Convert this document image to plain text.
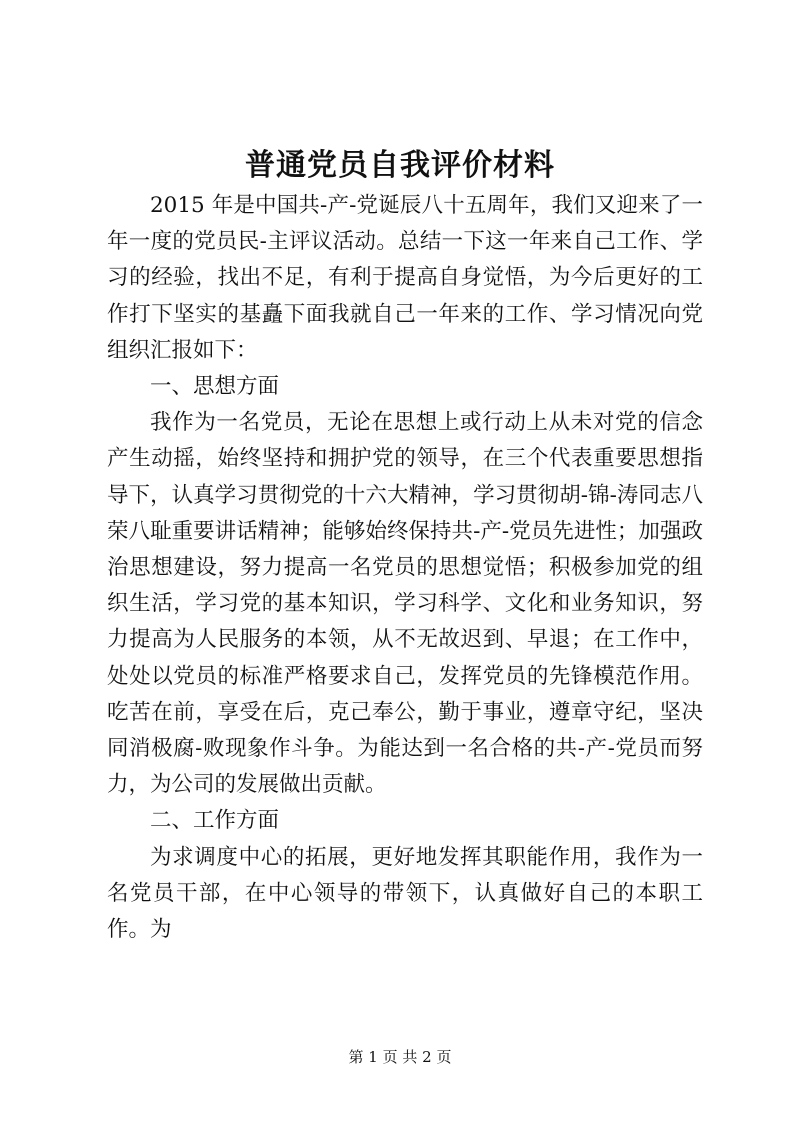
普通党员自我评价材料

2015 年是中国共-产-党诞辰八十五周年，我们又迎来了一年一度的党员民-主评议活动。总结一下这一年来自己工作、学习的经验，找出不足，有利于提高自身觉悟，为今后更好的工作打下坚实的基矗下面我就自己一年来的工作、学习情况向党组织汇报如下：

一、思想方面

我作为一名党员，无论在思想上或行动上从未对党的信念产生动摇，始终坚持和拥护党的领导，在三个代表重要思想指导下，认真学习贯彻党的十六大精神，学习贯彻胡-锦-涛同志八荣八耻重要讲话精神；能够始终保持共-产-党员先进性；加强政治思想建设，努力提高一名党员的思想觉悟；积极参加党的组织生活，学习党的基本知识，学习科学、文化和业务知识，努力提高为人民服务的本领，从不无故迟到、早退；在工作中，处处以党员的标准严格要求自己，发挥党员的先锋模范作用。吃苦在前，享受在后，克己奉公，勤于事业，遵章守纪，坚决同消极腐-败现象作斗争。为能达到一名合格的共-产-党员而努力，为公司的发展做出贡献。

二、工作方面

为求调度中心的拓展，更好地发挥其职能作用，我作为一名党员干部，在中心领导的带领下，认真做好自己的本职工作。为

第 1 页 共 2 页
